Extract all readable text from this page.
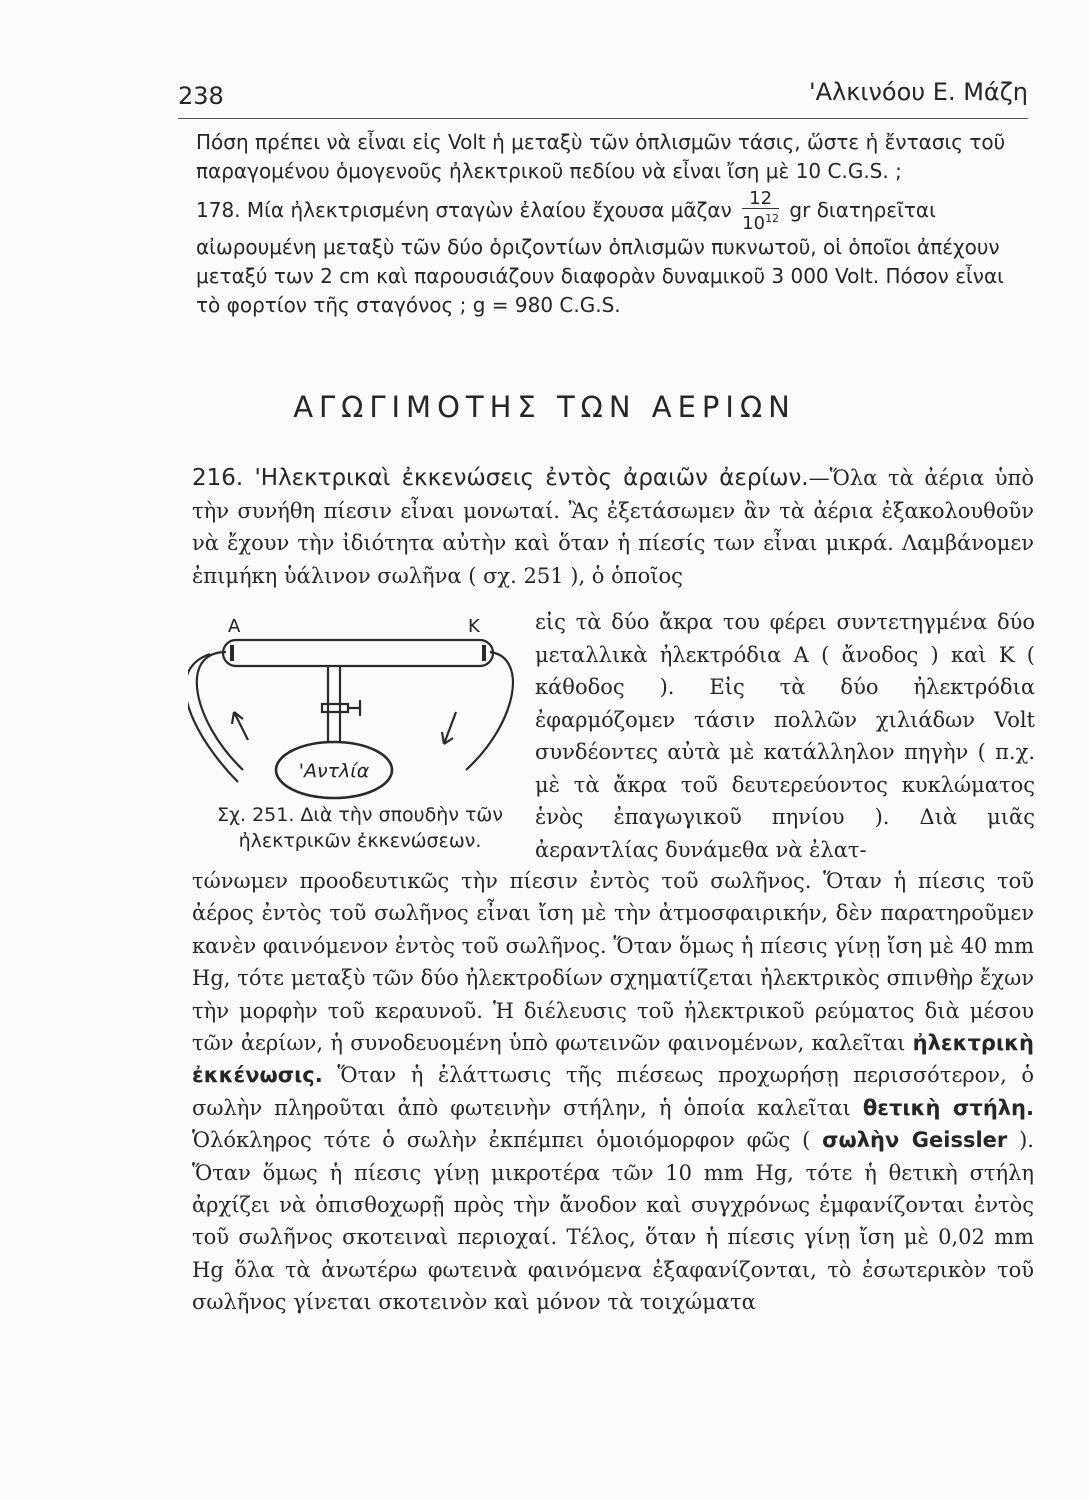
238	'Αλκινόου Ε. Μάζη

Πόση πρέπει νὰ εἶναι εἰς Volt ἡ μεταξὺ τῶν ὁπλισμῶν τάσις, ὥστε ἡ ἔντασις τοῦ παραγομένου ὁμογενοῦς ἠλεκτρικοῦ πεδίου νὰ εἶναι ἴση μὲ 10 C.G.S. ;

178. Μία ἠλεκτρισμένη σταγὼν ἐλαίου ἔχουσα μᾶζαν $\frac{12}{10^{12}}$ gr διατηρεῖται αἰωρουμένη μεταξὺ τῶν δύο ὁριζοντίων ὁπλισμῶν πυκνωτοῦ, οἱ ὁποῖοι ἀπέχουν μεταξύ των 2 cm καὶ παρουσιάζουν διαφορὰν δυναμικοῦ 3 000 Volt. Πόσον εἶναι τὸ φορτίον τῆς σταγόνος ; g = 980 C.G.S.

ΑΓΩΓΙΜΟΤΗΣ ΤΩΝ ΑΕΡΙΩΝ
216. 'Ηλεκτρικαὶ ἐκκενώσεις ἐντὸς ἀραιῶν ἀερίων.—Ὅλα τὰ ἀέρια ὑπὸ τὴν συνήθη πίεσιν εἶναι μονωταί. Ἂς ἐξετάσωμεν ἂν τὰ ἀέρια ἐξακολουθοῦν νὰ ἔχουν τὴν ἰδιότητα αὐτὴν καὶ ὅταν ἡ πίεσίς των εἶναι μικρά. Λαμβάνομεν ἐπιμήκη ὑάλινον σωλῆνα ( σχ. 251 ), ὁ ὁποῖος
Α	Κ
'Αντλία
Σχ. 251. Διὰ τὴν σπουδὴν τῶν ἠλεκτρικῶν ἐκκενώσεων.
εἰς τὰ δύο ἄκρα του φέρει συντετηγμένα δύο μεταλλικὰ ἠλεκτρόδια Α ( ἄνοδος ) καὶ Κ ( κάθοδος ). Εἰς τὰ δύο ἠλεκτρόδια ἐφαρμόζομεν τάσιν πολλῶν χιλιάδων Volt συνδέοντες αὐτὰ μὲ κατάλληλον πηγὴν ( π.χ. μὲ τὰ ἄκρα τοῦ δευτερεύοντος κυκλώματος ἑνὸς ἐπαγωγικοῦ πηνίου ). Διὰ μιᾶς ἀεραντλίας δυνάμεθα νὰ ἐλατ-
τώνωμεν προοδευτικῶς τὴν πίεσιν ἐντὸς τοῦ σωλῆνος. Ὅταν ἡ πίεσις τοῦ ἀέρος ἐντὸς τοῦ σωλῆνος εἶναι ἴση μὲ τὴν ἀτμοσφαιρικήν, δὲν παρατηροῦμεν κανὲν φαινόμενον ἐντὸς τοῦ σωλῆνος. Ὅταν ὅμως ἡ πίεσις γίνῃ ἴση μὲ 40 mm Hg, τότε μεταξὺ τῶν δύο ἠλεκτροδίων σχηματίζεται ἠλεκτρικὸς σπινθὴρ ἔχων τὴν μορφὴν τοῦ κεραυνοῦ. Ἡ διέλευσις τοῦ ἠλεκτρικοῦ ρεύματος διὰ μέσου τῶν ἀερίων, ἡ συνοδευομένη ὑπὸ φωτεινῶν φαινομένων, καλεῖται ἠλεκτρικὴ ἐκκένωσις. Ὅταν ἡ ἐλάττωσις τῆς πιέσεως προχωρήσῃ περισσότερον, ὁ σωλὴν πληροῦται ἀπὸ φωτεινὴν στήλην, ἡ ὁποία καλεῖται θετικὴ στήλη. Ὁλόκληρος τότε ὁ σωλὴν ἐκπέμπει ὁμοιόμορφον φῶς ( σωλὴν Geissler ). Ὅταν ὅμως ἡ πίεσις γίνῃ μικροτέρα τῶν 10 mm Hg, τότε ἡ θετικὴ στήλη ἀρχίζει νὰ ὀπισθοχωρῇ πρὸς τὴν ἄνοδον καὶ συγχρόνως ἐμφανίζονται ἐντὸς τοῦ σωλῆνος σκοτειναὶ περιοχαί. Τέλος, ὅταν ἡ πίεσις γίνῃ ἴση μὲ 0,02 mm Hg ὅλα τὰ ἀνωτέρω φωτεινὰ φαινόμενα ἐξαφανίζονται, τὸ ἐσωτερικὸν τοῦ σωλῆνος γίνεται σκοτεινὸν καὶ μόνον τὰ τοιχώματα
